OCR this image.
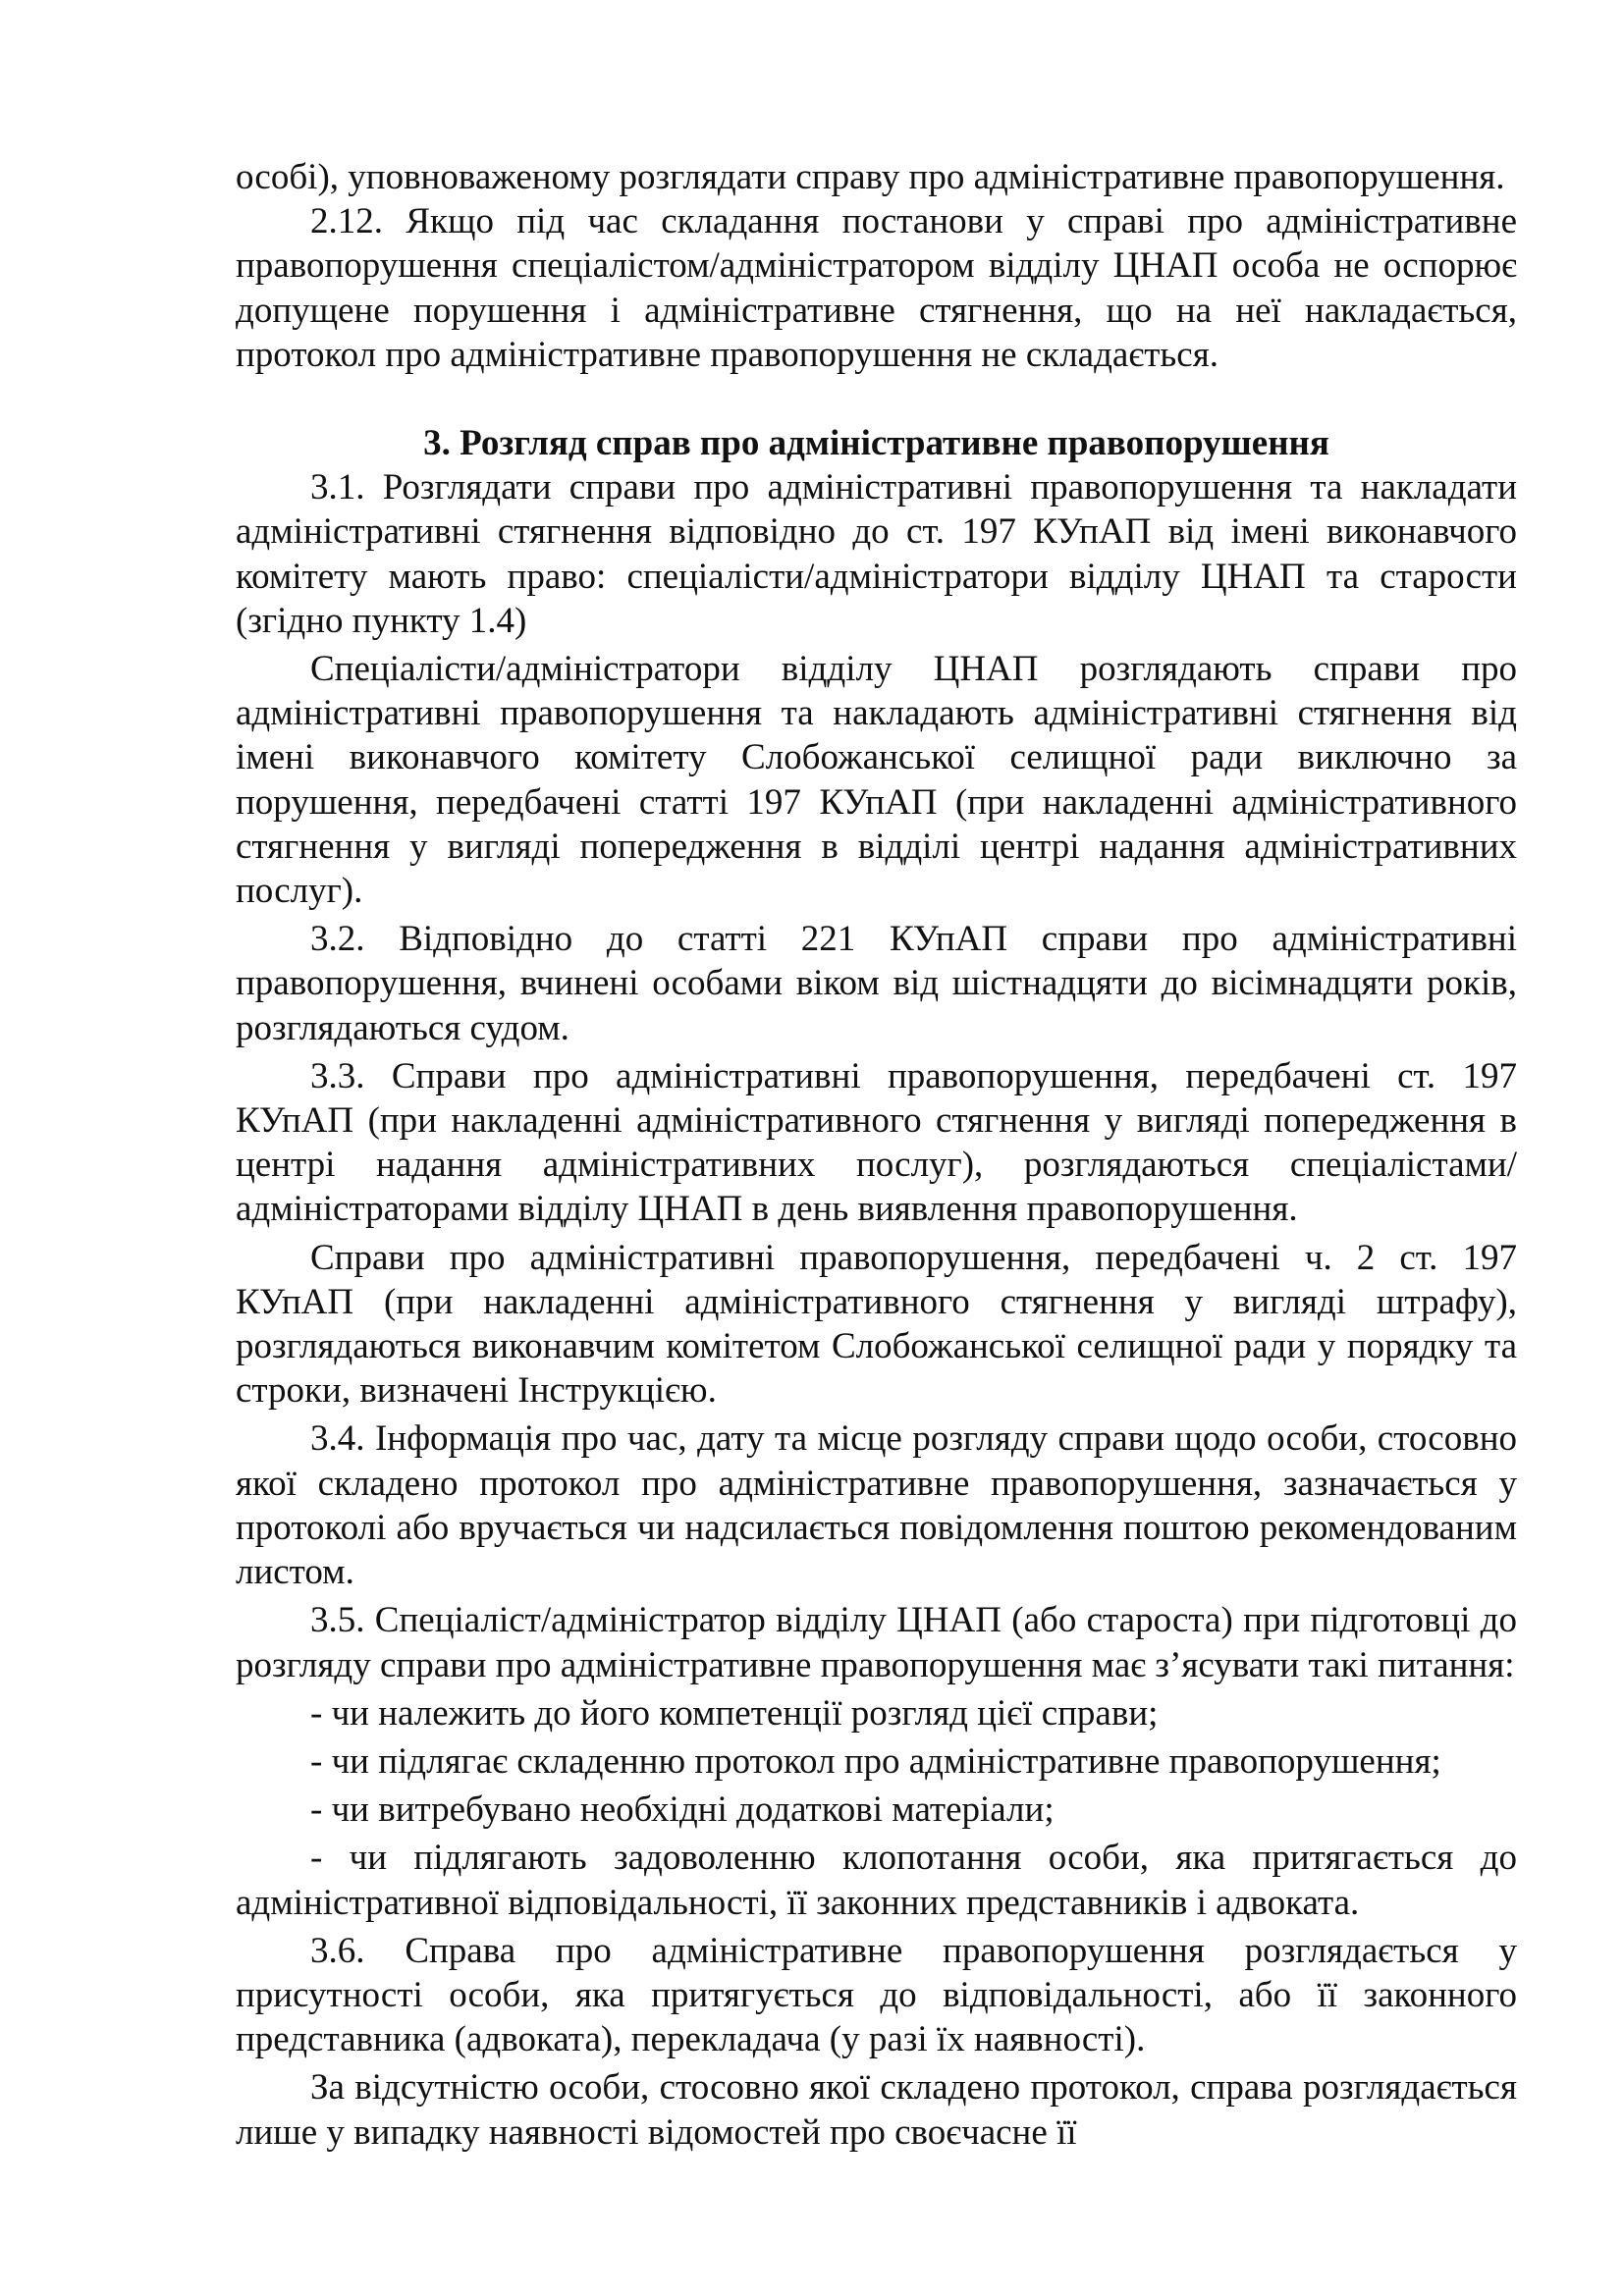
особі), уповноваженому розглядати справу про адміністративне правопорушення.

2.12. Якщо під час складання постанови у справі про адміністративне правопорушення спеціалістом/адміністратором відділу ЦНАП особа не оспорює допущене порушення і адміністративне стягнення, що на неї накладається, протокол про адміністративне правопорушення не складається.

3. Розгляд справ про адміністративне правопорушення

3.1. Розглядати справи про адміністративні правопорушення та накладати адміністративні стягнення відповідно до ст. 197 КУпАП від імені виконавчого комітету мають право: спеціалісти/адміністратори відділу ЦНАП та старости (згідно пункту 1.4)

Спеціалісти/адміністратори відділу ЦНАП розглядають справи про адміністративні правопорушення та накладають адміністративні стягнення від імені виконавчого комітету Слобожанської селищної ради виключно за порушення, передбачені статті 197 КУпАП (при накладенні адміністративного стягнення у вигляді попередження в відділі центрі надання адміністративних послуг).

3.2. Відповідно до статті 221 КУпАП справи про адміністративні правопорушення, вчинені особами віком від шістнадцяти до вісімнадцяти років, розглядаються судом.

3.3. Справи про адміністративні правопорушення, передбачені ст. 197 КУпАП (при накладенні адміністративного стягнення у вигляді попередження в центрі надання адміністративних послуг), розглядаються спеціалістами/адміністраторами відділу ЦНАП в день виявлення правопорушення.

Справи про адміністративні правопорушення, передбачені ч. 2 ст. 197 КУпАП (при накладенні адміністративного стягнення у вигляді штрафу), розглядаються виконавчим комітетом Слобожанської селищної ради у порядку та строки, визначені Інструкцією.

3.4. Інформація про час, дату та місце розгляду справи щодо особи, стосовно якої складено протокол про адміністративне правопорушення, зазначається у протоколі або вручається чи надсилається повідомлення поштою рекомендованим листом.

3.5. Спеціаліст/адміністратор відділу ЦНАП (або староста) при підготовці до розгляду справи про адміністративне правопорушення має з’ясувати такі питання:

- чи належить до його компетенції розгляд цієї справи;

- чи підлягає складенню протокол про адміністративне правопорушення;

- чи витребувано необхідні додаткові матеріали;

- чи підлягають задоволенню клопотання особи, яка притягається до адміністративної відповідальності, її законних представників і адвоката.

3.6. Справа про адміністративне правопорушення розглядається у присутності особи, яка притягується до відповідальності, або її законного представника (адвоката), перекладача (у разі їх наявності).

За відсутністю особи, стосовно якої складено протокол, справа розглядається лише у випадку наявності відомостей про своєчасне її
